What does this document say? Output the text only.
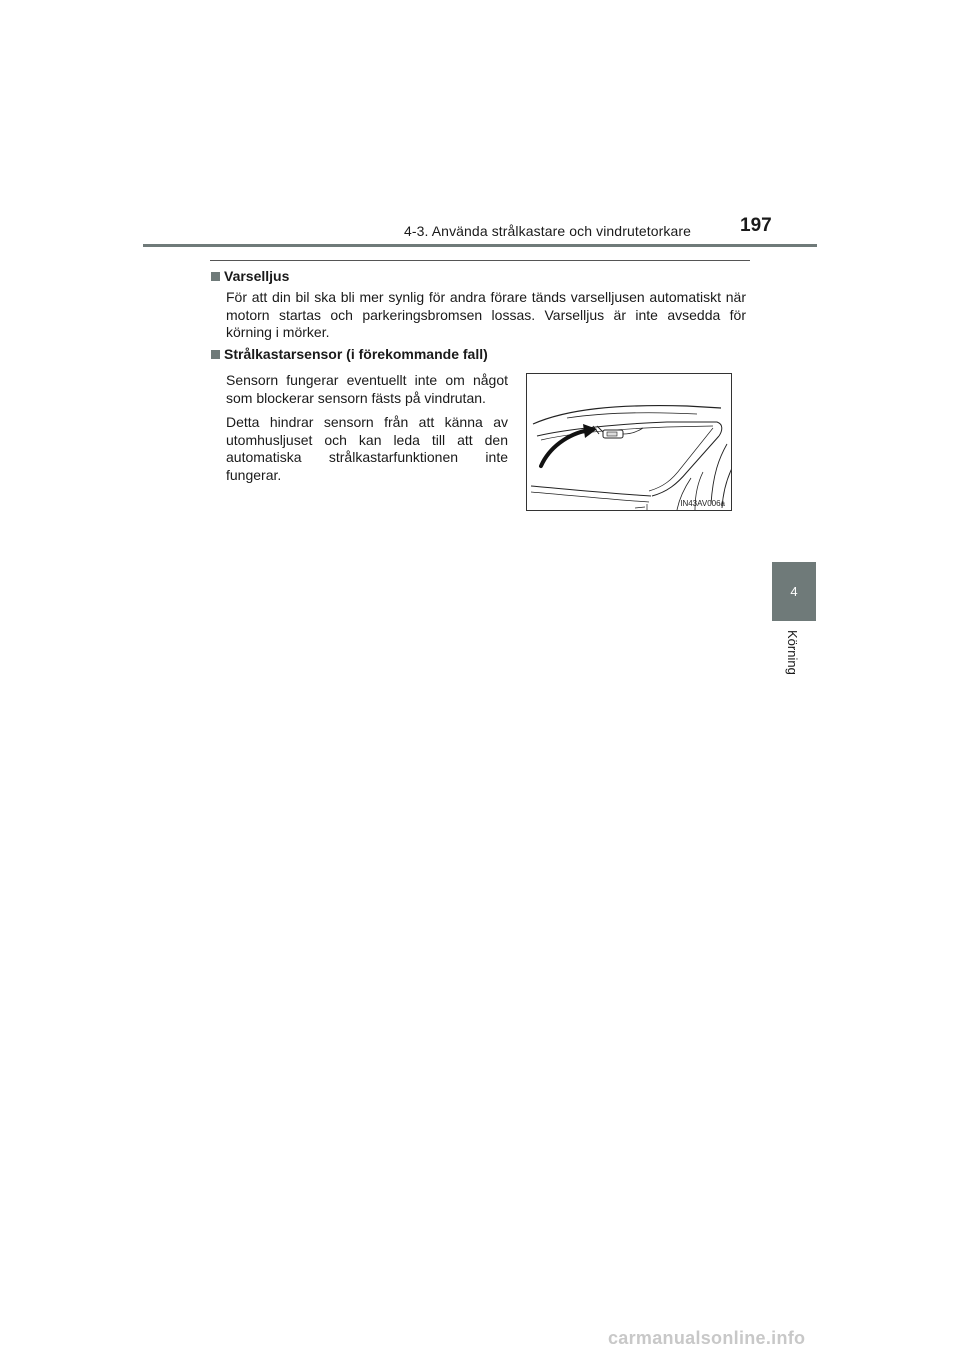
4-3. Använda strålkastare och vindrutetorkare	197
Varselljus

För att din bil ska bli mer synlig för andra förare tänds varselljusen automatiskt när motorn startas och parkeringsbromsen lossas. Varselljus är inte avsedda för körning i mörker.

Strålkastarsensor (i förekommande fall)

Sensorn fungerar eventuellt inte om något som blockerar sensorn fästs på vindrutan.

Detta hindrar sensorn från att känna av utomhusljuset och kan leda till att den automatiska strålkastarfunktionen inte fungerar.

IN43AV006a
4
Körning
carmanualsonline.info
